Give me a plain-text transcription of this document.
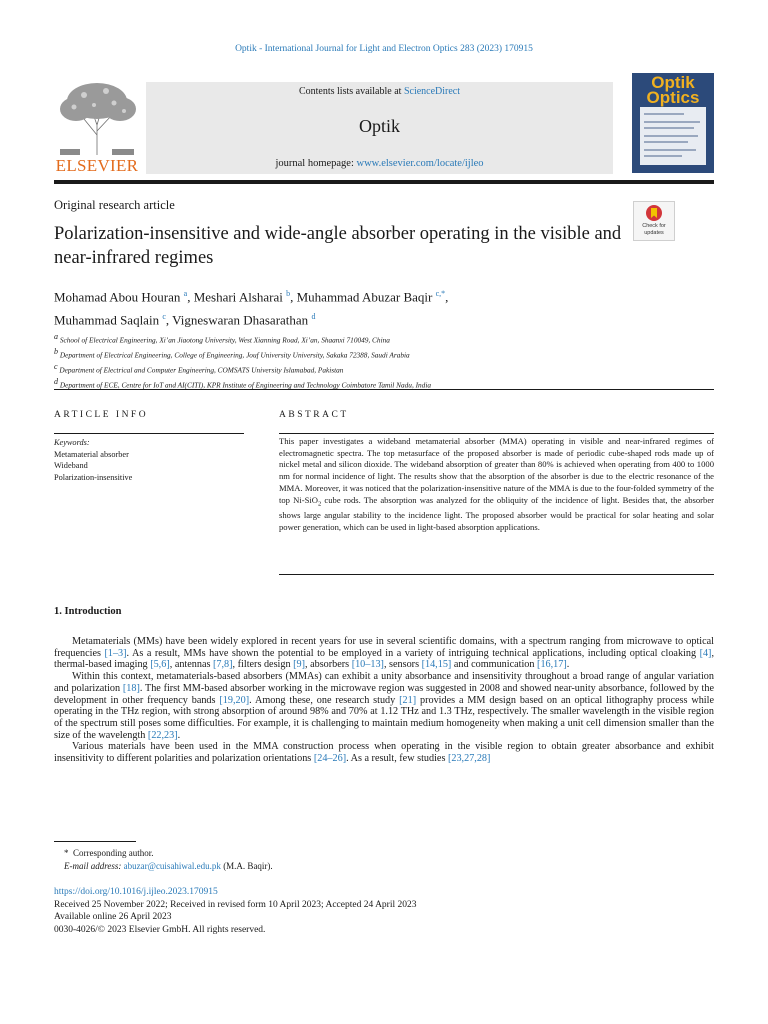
Optik - International Journal for Light and Electron Optics 283 (2023) 170915
ELSEVIER
Contents lists available at ScienceDirect
Optik
journal homepage: www.elsevier.com/locate/ijleo
Optik
Optics
Original research article
Check for updates
Polarization-insensitive and wide-angle absorber operating in the visible and near-infrared regimes
Mohamad Abou Houran $^a$, Meshari Alsharai $^b$, Muhammad Abuzar Baqir $^{c,*}$,
Muhammad Saqlain $^c$, Vigneswaran Dhasarathan $^d$
$^a$ School of Electrical Engineering, Xi’an Jiaotong University, West Xianning Road, Xi’an, Shaanxi 710049, China
$^b$ Department of Electrical Engineering, College of Engineering, Jouf University University, Sakaka 72388, Saudi Arabia
$^c$ Department of Electrical and Computer Engineering, COMSATS University Islamabad, Pakistan
$^d$ Department of ECE, Centre for IoT and AI(CITI), KPR Institute of Engineering and Technology Coimbatore Tamil Nadu, India
ARTICLE INFO
Keywords:
Metamaterial absorber
Wideband
Polarization-insensitive
ABSTRACT
This paper investigates a wideband metamaterial absorber (MMA) operating in visible and near-infrared regimes of electromagnetic spectra. The top metasurface of the proposed absorber is made of periodic cube-shaped rods made up of nickel metal and silicon dioxide. The wideband absorption of greater than 80% is achieved when operating from 400 to 1000 nm for normal incidence of light. The results show that the absorption of the absorber is due to the electric resonance of the MMA. Moreover, it was noticed that the polarization-insensitive nature of the MMA is due to the four-folded symmetry of the top Ni-SiO$_2$ cube rods. The absorption was analyzed for the obliquity of the incidence of light. Besides that, the absorber shows large angular stability to the incidence light. The proposed absorber would be practical for solar heating and solar power generation, which can be used in light-based absorption applications.
1. Introduction

Metamaterials (MMs) have been widely explored in recent years for use in several scientific domains, with a spectrum ranging from microwave to optical frequencies [1–3]. As a result, MMs have shown the potential to be employed in a variety of intriguing technical applications, including optical cloaking [4], thermal-based imaging [5,6], antennas [7,8], filters design [9], absorbers [10–13], sensors [14,15] and communication [16,17].

Within this context, metamaterials-based absorbers (MMAs) can exhibit a unity absorbance and insensitivity throughout a broad range of angular variation and polarization [18]. The first MM-based absorber working in the microwave region was suggested in 2008 and showed near-unity absorbance, followed by the development in other frequency bands [19,20]. Among these, one research study [21] provides a MM design based on an optical lithography process while operating in the THz region, with strong absorption of around 98% and 70% at 1.12 THz and 1.3 THz, respectively. The smaller wavelength in the visible region of the spectrum still poses some difficulties. For example, it is challenging to maintain medium homogeneity when making a unit cell dimension smaller than the size of the wavelength [22,23].

Various materials have been used in the MMA construction process when operating in the visible region to obtain greater absorbance and exhibit insensitivity to different polarities and polarization orientations [24–26]. As a result, few studies [23,27,28]

* Corresponding author.
E-mail address: abuzar@cuisahiwal.edu.pk (M.A. Baqir).
https://doi.org/10.1016/j.ijleo.2023.170915
Received 25 November 2022; Received in revised form 10 April 2023; Accepted 24 April 2023
Available online 26 April 2023
0030-4026/© 2023 Elsevier GmbH. All rights reserved.
